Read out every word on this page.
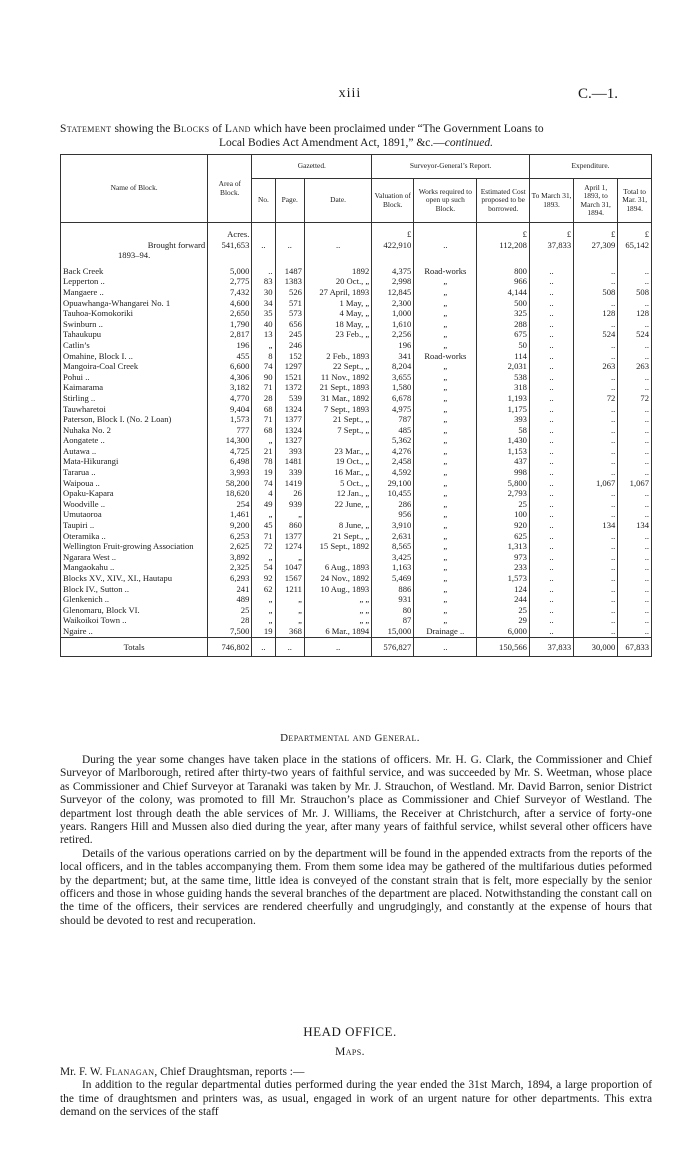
xiii	C.—1.
Statement showing the Blocks of Land which have been proclaimed under “The Government Loans to
Local Bodies Act Amendment Act, 1891,” &c.—continued.
Name of Block.	Area of Block.	Gazetted.			Surveyor-General’s Report.			Expenditure.		
		No.	Page.	Date.	Valuation of Block.	Works required to open up such Block.	Estimated Cost proposed to be borrowed.	To March 31, 1893.	April 1, 1893, to March 31, 1894.	Total to Mar. 31, 1894.
	Acres.				£		£	£	£	£
Brought forward	541,653	..	..	..	422,910	..	112,208	37,833	27,309	65,142
1893–94.										
Back Creek	5,000	..	1487	1892	4,375	Road-works	800	..	..	..
Lepperton ..	2,775	83	1383	20 Oct., „	2,998	„	966	..	..	..
Mangaere ..	7,432	30	526	27 April, 1893	12,845	„	4,144	..	508	508
Opuawhanga-Whangarei No. 1	4,600	34	571	1 May, „	2,300	„	500	..	..	..
Tauhoa-Komokoriki	2,650	35	573	4 May, „	1,000	„	325	..	128	128
Swinburn ..	1,790	40	656	18 May, „	1,610	„	288	..	..	..
Tahaukupu	2,817	13	245	23 Feb., „	2,256	„	675	..	524	524
Catlin’s	196	„	246		196	„	50	..	..	..
Omahine, Block I. ..	455	8	152	2 Feb., 1893	341	Road-works	114	..	..	..
Mangoira-Coal Creek	6,600	74	1297	22 Sept., „	8,204	„	2,031	..	263	263
Pohui ..	4,306	90	1521	11 Nov., 1892	3,655	„	538	..	..	..
Kaimarama	3,182	71	1372	21 Sept., 1893	1,580	„	318	..	..	..
Stirling ..	4,770	28	539	31 Mar., 1892	6,678	„	1,193	..	72	72
Tauwharetoi	9,404	68	1324	7 Sept., 1893	4,975	„	1,175	..	..	..
Paterson, Block I. (No. 2 Loan)	1,573	71	1377	21 Sept., „	787	„	393	..	..	..
Nuhaka No. 2	777	68	1324	7 Sept., „	485	„	58	..	..	..
Aongatete ..	14,300	„	1327		5,362	„	1,430	..	..	..
Autawa ..	4,725	21	393	23 Mar., „	4,276	„	1,153	..	..	..
Mata-Hikurangi	6,498	78	1481	19 Oct., „	2,458	„	437	..	..	..
Tararua ..	3,993	19	339	16 Mar., „	4,592	„	998	..	..	..
Waipoua ..	58,200	74	1419	5 Oct., „	29,100	„	5,800	..	1,067	1,067
Opaku-Kapara	18,620	4	26	12 Jan., „	10,455	„	2,793	..	..	..
Woodville ..	254	49	939	22 June, „	286	„	25	..	..	..
Umutaoroa	1,461	„	„		956	„	100	..	..	..
Taupiri ..	9,200	45	860	8 June, „	3,910	„	920	..	134	134
Oteramika ..	6,253	71	1377	21 Sept., „	2,631	„	625	..	..	..
Wellington Fruit-growing Association	2,625	72	1274	15 Sept., 1892	8,565	„	1,313	..	..	..
Ngarara West ..	3,892	„	„		3,425	„	973	..	..	..
Mangaokahu ..	2,325	54	1047	6 Aug., 1893	1,163	„	233	..	..	..
Blocks XV., XIV., XI., Hautapu	6,293	92	1567	24 Nov., 1892	5,469	„	1,573	..	..	..
Block IV., Sutton ..	241	62	1211	10 Aug., 1893	886	„	124	..	..	..
Glenkenich ..	489	„	„	„ „	931	„	244	..	..	..
Glenomaru, Block VI.	25	„	„	„ „	80	„	25	..	..	..
Waikoikoi Town ..	28	„	„	„ „	87	„	29	..	..	..
Ngaire ..	7,500	19	368	6 Mar., 1894	15,000	Drainage ..	6,000	..	..	..
Totals	746,802	..	..	..	576,827	..	150,566	37,833	30,000	67,833
Departmental and General.

During the year some changes have taken place in the stations of officers. Mr. H. G. Clark, the Commissioner and Chief Surveyor of Marlborough, retired after thirty-two years of faithful service, and was succeeded by Mr. S. Weetman, whose place as Commissioner and Chief Surveyor at Taranaki was taken by Mr. J. Strauchon, of Westland. Mr. David Barron, senior District Surveyor of the colony, was promoted to fill Mr. Strauchon’s place as Commissioner and Chief Surveyor of Westland. The department lost through death the able services of Mr. J. Williams, the Receiver at Christchurch, after a service of forty-one years. Rangers Hill and Mussen also died during the year, after many years of faithful service, whilst several other officers have retired.

Details of the various operations carried on by the department will be found in the appended extracts from the reports of the local officers, and in the tables accompanying them. From them some idea may be gathered of the multifarious duties peformed by the department; but, at the same time, little idea is conveyed of the constant strain that is felt, more especially by the senior officers and those in whose guiding hands the several branches of the department are placed. Notwithstanding the constant call on the time of the officers, their services are rendered cheerfully and ungrudgingly, and constantly at the expense of hours that should be devoted to rest and recuperation.

HEAD OFFICE.
Maps.

Mr. F. W. Flanagan, Chief Draughtsman, reports :—

In addition to the regular departmental duties performed during the year ended the 31st March, 1894, a large proportion of the time of draughtsmen and printers was, as usual, engaged in work of an urgent nature for other departments. This extra demand on the services of the staff
